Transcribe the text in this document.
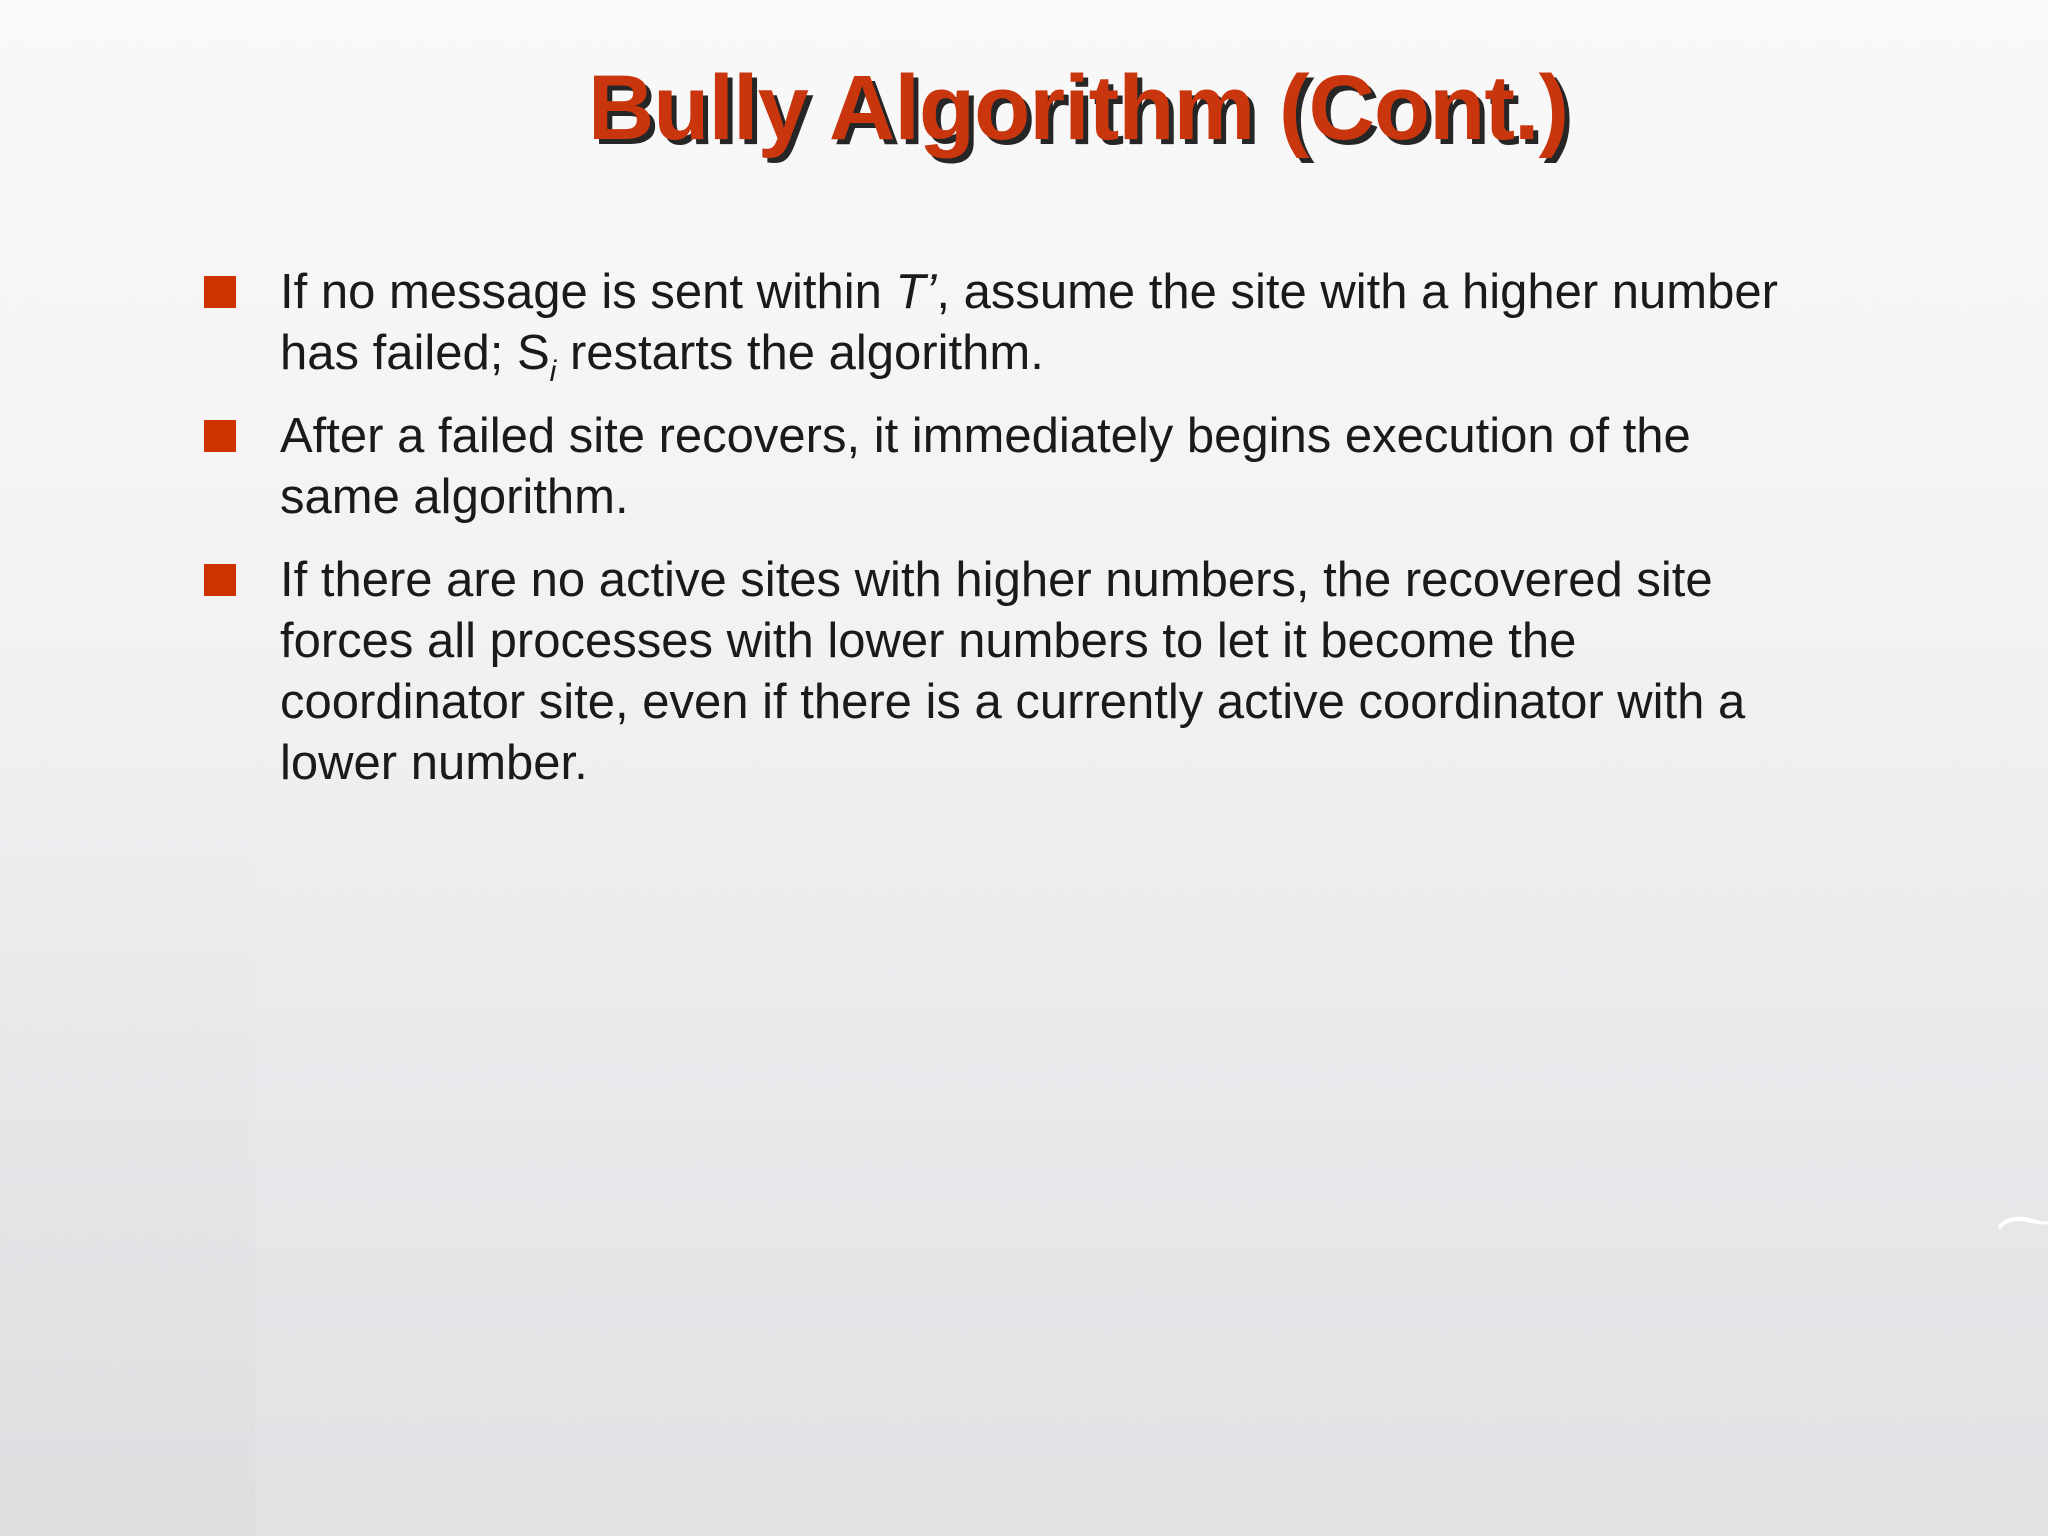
Bully Algorithm (Cont.)
If no message is sent within T’, assume the site with a higher number
has failed; $S_i$ restarts the algorithm.
After a failed site recovers, it immediately begins execution of the
same algorithm.
If there are no active sites with higher numbers, the recovered site
forces all processes with lower numbers to let it become the
coordinator site, even if there is a currently active coordinator with a
lower number.
